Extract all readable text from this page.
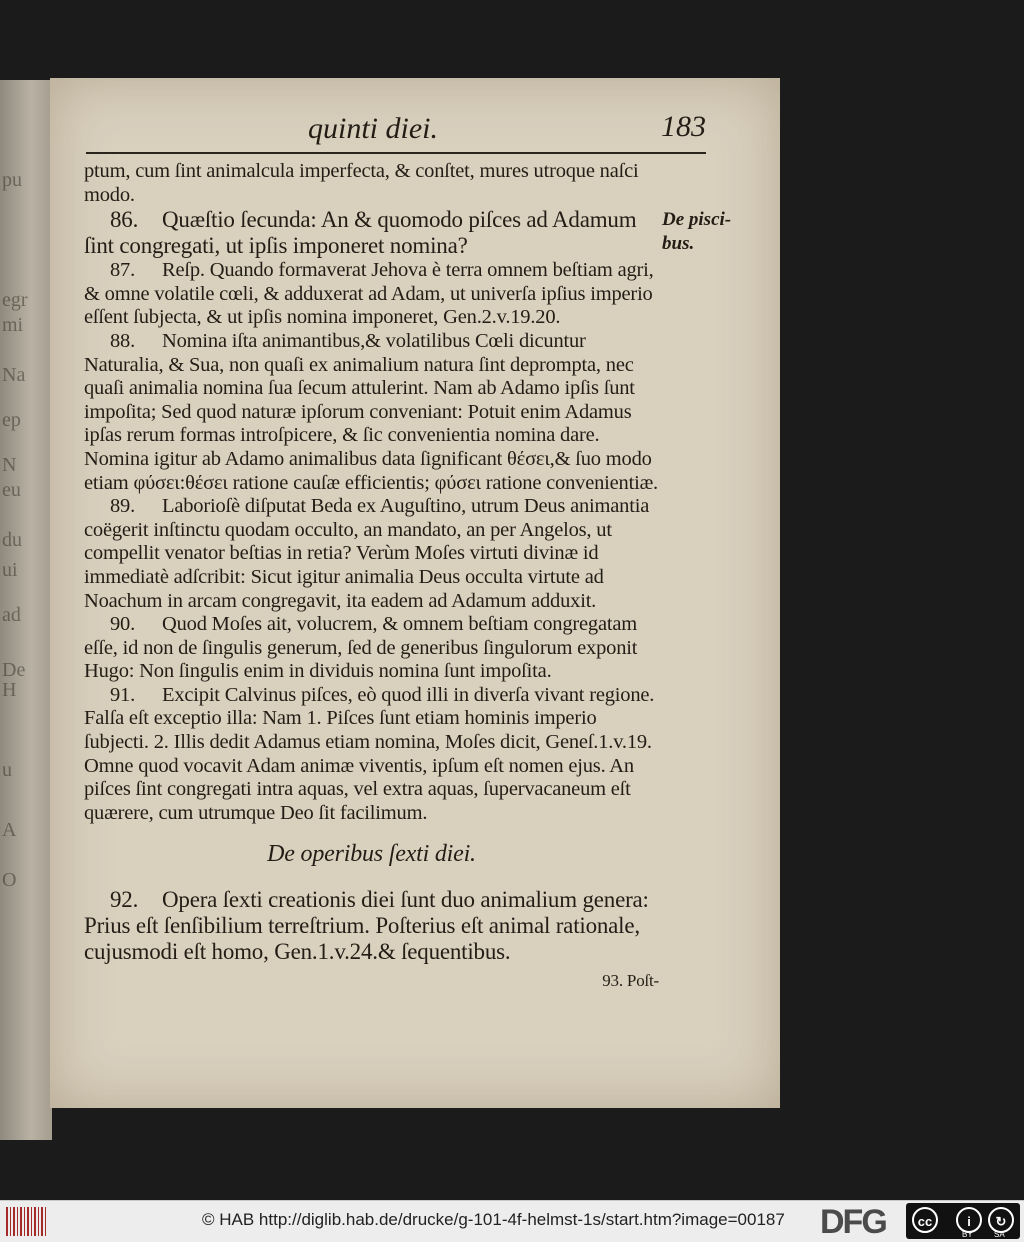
pu
egr
mi
Na
ep
N
eu
du
ui
ad
De
H
u
A
O
quinti diei.	183
De pisci-bus.

ptum, cum ſint animalcula imperfecta, & conſtet, mures utroque naſci modo.

86. Quæſtio ſecunda: An & quomodo piſces ad Adamum ſint congregati, ut ipſis imponeret nomina?

87. Reſp. Quando formaverat Jehova è terra omnem beſtiam agri, & omne volatile cœli, & adduxerat ad Adam, ut univerſa ipſius imperio eſſent ſubjecta, & ut ipſis nomina imponeret, Gen.2.v.19.20.

88. Nomina iſta animantibus,& volatilibus Cœli dicuntur Naturalia, & Sua, non quaſi ex animalium natura ſint deprompta, nec quaſi animalia nomina ſua ſecum attulerint. Nam ab Adamo ipſis ſunt impoſita; Sed quod naturæ ipſorum conveniant: Potuit enim Adamus ipſas rerum formas introſpicere, & ſic convenientia nomina dare. Nomina igitur ab Adamo animalibus data ſignificant θέσει,& ſuo modo etiam φύσει:θέσει ratione cauſæ efficientis; φύσει ratione convenientiæ.

89. Laborioſè diſputat Beda ex Auguſtino, utrum Deus animantia coëgerit inſtinctu quodam occulto, an mandato, an per Angelos, ut compellit venator beſtias in retia? Verùm Moſes virtuti divinæ id immediatè adſcribit: Sicut igitur animalia Deus occulta virtute ad Noachum in arcam congregavit, ita eadem ad Adamum adduxit.

90. Quod Moſes ait, volucrem, & omnem beſtiam congregatam eſſe, id non de ſingulis generum, ſed de generibus ſingulorum exponit Hugo: Non ſingulis enim in dividuis nomina ſunt impoſita.

91. Excipit Calvinus piſces, eò quod illi in diverſa vivant regione. Falſa eſt exceptio illa: Nam 1. Piſces ſunt etiam hominis imperio ſubjecti. 2. Illis dedit Adamus etiam nomina, Moſes dicit, Geneſ.1.v.19. Omne quod vocavit Adam animæ viventis, ipſum eſt nomen ejus. An piſces ſint congregati intra aquas, vel extra aquas, ſupervacaneum eſt quærere, cum utrumque Deo ſit facilimum.

De operibus ſexti diei.

92. Opera ſexti creationis diei ſunt duo animalium genera: Prius eſt ſenſibilium terreſtrium. Poſterius eſt animal rationale, cujusmodi eſt homo, Gen.1.v.24.& ſequentibus.

93. Poſt-
© HAB http://diglib.hab.de/drucke/g-101-4f-helmst-1s/start.htm?image=00187 DFG	cc	i	↻
BY	SA
